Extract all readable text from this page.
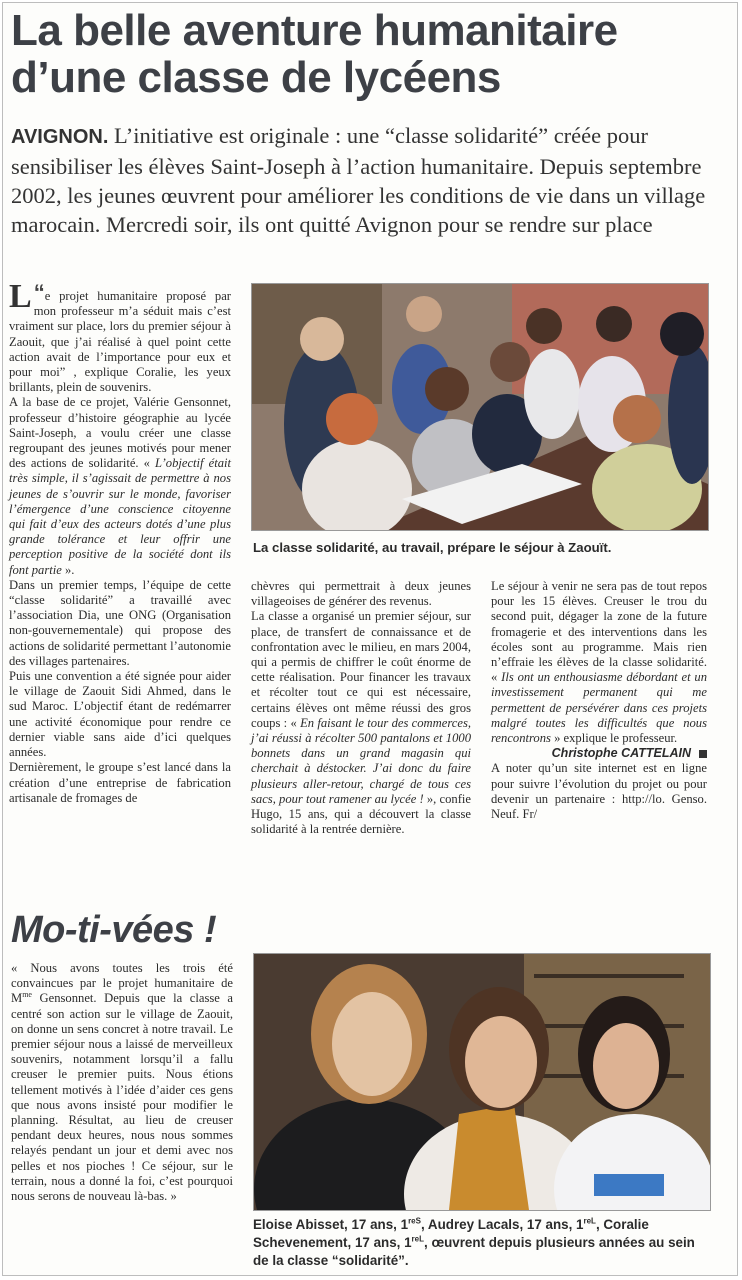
La belle aventure humanitaire d’une classe de lycéens
AVIGNON. L’initiative est originale : une “classe solidarité” créée pour sensibiliser les élèves Saint-Joseph à l’action humanitaire. Depuis septembre 2002, les jeunes œuvrent pour améliorer les conditions de vie dans un village marocain. Mercredi soir, ils ont quitté Avignon pour se rendre sur place

“
L e projet humanitaire proposé par mon professeur m’a séduit mais c’est vraiment sur place, lors du premier séjour à Zaouit, que j’ai réalisé à quel point cette action avait de l’importance pour eux et pour moi” , explique Coralie, les yeux brillants, plein de souvenirs.

A la base de ce projet, Valérie Gensonnet, professeur d’histoire géographie au lycée Saint-Joseph, a voulu créer une classe regroupant des jeunes motivés pour mener des actions de solidarité. « L’objectif était très simple, il s’agissait de permettre à nos jeunes de s’ouvrir sur le monde, favoriser l’émergence d’une conscience citoyenne qui fait d’eux des acteurs dotés d’une plus grande tolérance et leur offrir une perception positive de la société dont ils font partie ».

Dans un premier temps, l’équipe de cette “classe solidarité” a travaillé avec l’association Dia, une ONG (Organisation non-gouvernementale) qui propose des actions de solidarité permettant l’autonomie des villages partenaires.

Puis une convention a été signée pour aider le village de Zaouit Sidi Ahmed, dans le sud Maroc. L’objectif étant de redémarrer une activité économique pour rendre ce dernier viable sans aide d’ici quelques années.

Dernièrement, le groupe s’est lancé dans la création d’une entreprise de fabrication artisanale de fromages de

La classe solidarité, au travail, prépare le séjour à Zaouït.

chèvres qui permettrait à deux jeunes villageoises de générer des revenus.

La classe a organisé un premier séjour, sur place, de transfert de connaissance et de confrontation avec le milieu, en mars 2004, qui a permis de chiffrer le coût énorme de cette réalisation. Pour financer les travaux et récolter tout ce qui est nécessaire, certains élèves ont même réussi des gros coups : « En faisant le tour des commerces, j’ai réussi à récolter 500 pantalons et 1000 bonnets dans un grand magasin qui cherchait à déstocker. J’ai donc du faire plusieurs aller-retour, chargé de tous ces sacs, pour tout ramener au lycée ! », confie Hugo, 15 ans, qui a découvert la classe solidarité à la rentrée dernière.

Le séjour à venir ne sera pas de tout repos pour les 15 élèves. Creuser le trou du second puit, dégager la zone de la future fromagerie et des interventions dans les écoles sont au programme. Mais rien n’effraie les élèves de la classe solidarité. « Ils ont un enthousiasme débordant et un investissement permanent qui me permettent de persévérer dans ces projets malgré toutes les difficultés que nous rencontrons » explique le professeur.

Christophe CATTELAIN

A noter qu’un site internet est en ligne pour suivre l’évolution du projet ou pour devenir un partenaire : http://lo. Genso. Neuf. Fr/

Mo-ti-vées !

« Nous avons toutes les trois été convaincues par le projet humanitaire de $M^{me}$ Gensonnet. Depuis que la classe a centré son action sur le village de Zaouit, on donne un sens concret à notre travail. Le premier séjour nous a laissé de merveilleux souvenirs, notamment lorsqu’il a fallu creuser le premier puits. Nous étions tellement motivés à l’idée d’aider ces gens que nous avons insisté pour modifier le planning. Résultat, au lieu de creuser pendant deux heures, nous nous sommes relayés pendant un jour et demi avec nos pelles et nos pioches ! Ce séjour, sur le terrain, nous a donné la foi, c’est pourquoi nous serons de nouveau là-bas. »

Eloise Abisset, 17 ans, 1reS, Audrey Lacals, 17 ans, $1^{reL}$, Coralie Schevenement, 17 ans, $1^{reL}$, œuvrent depuis plusieurs années au sein de la classe “solidarité”.
